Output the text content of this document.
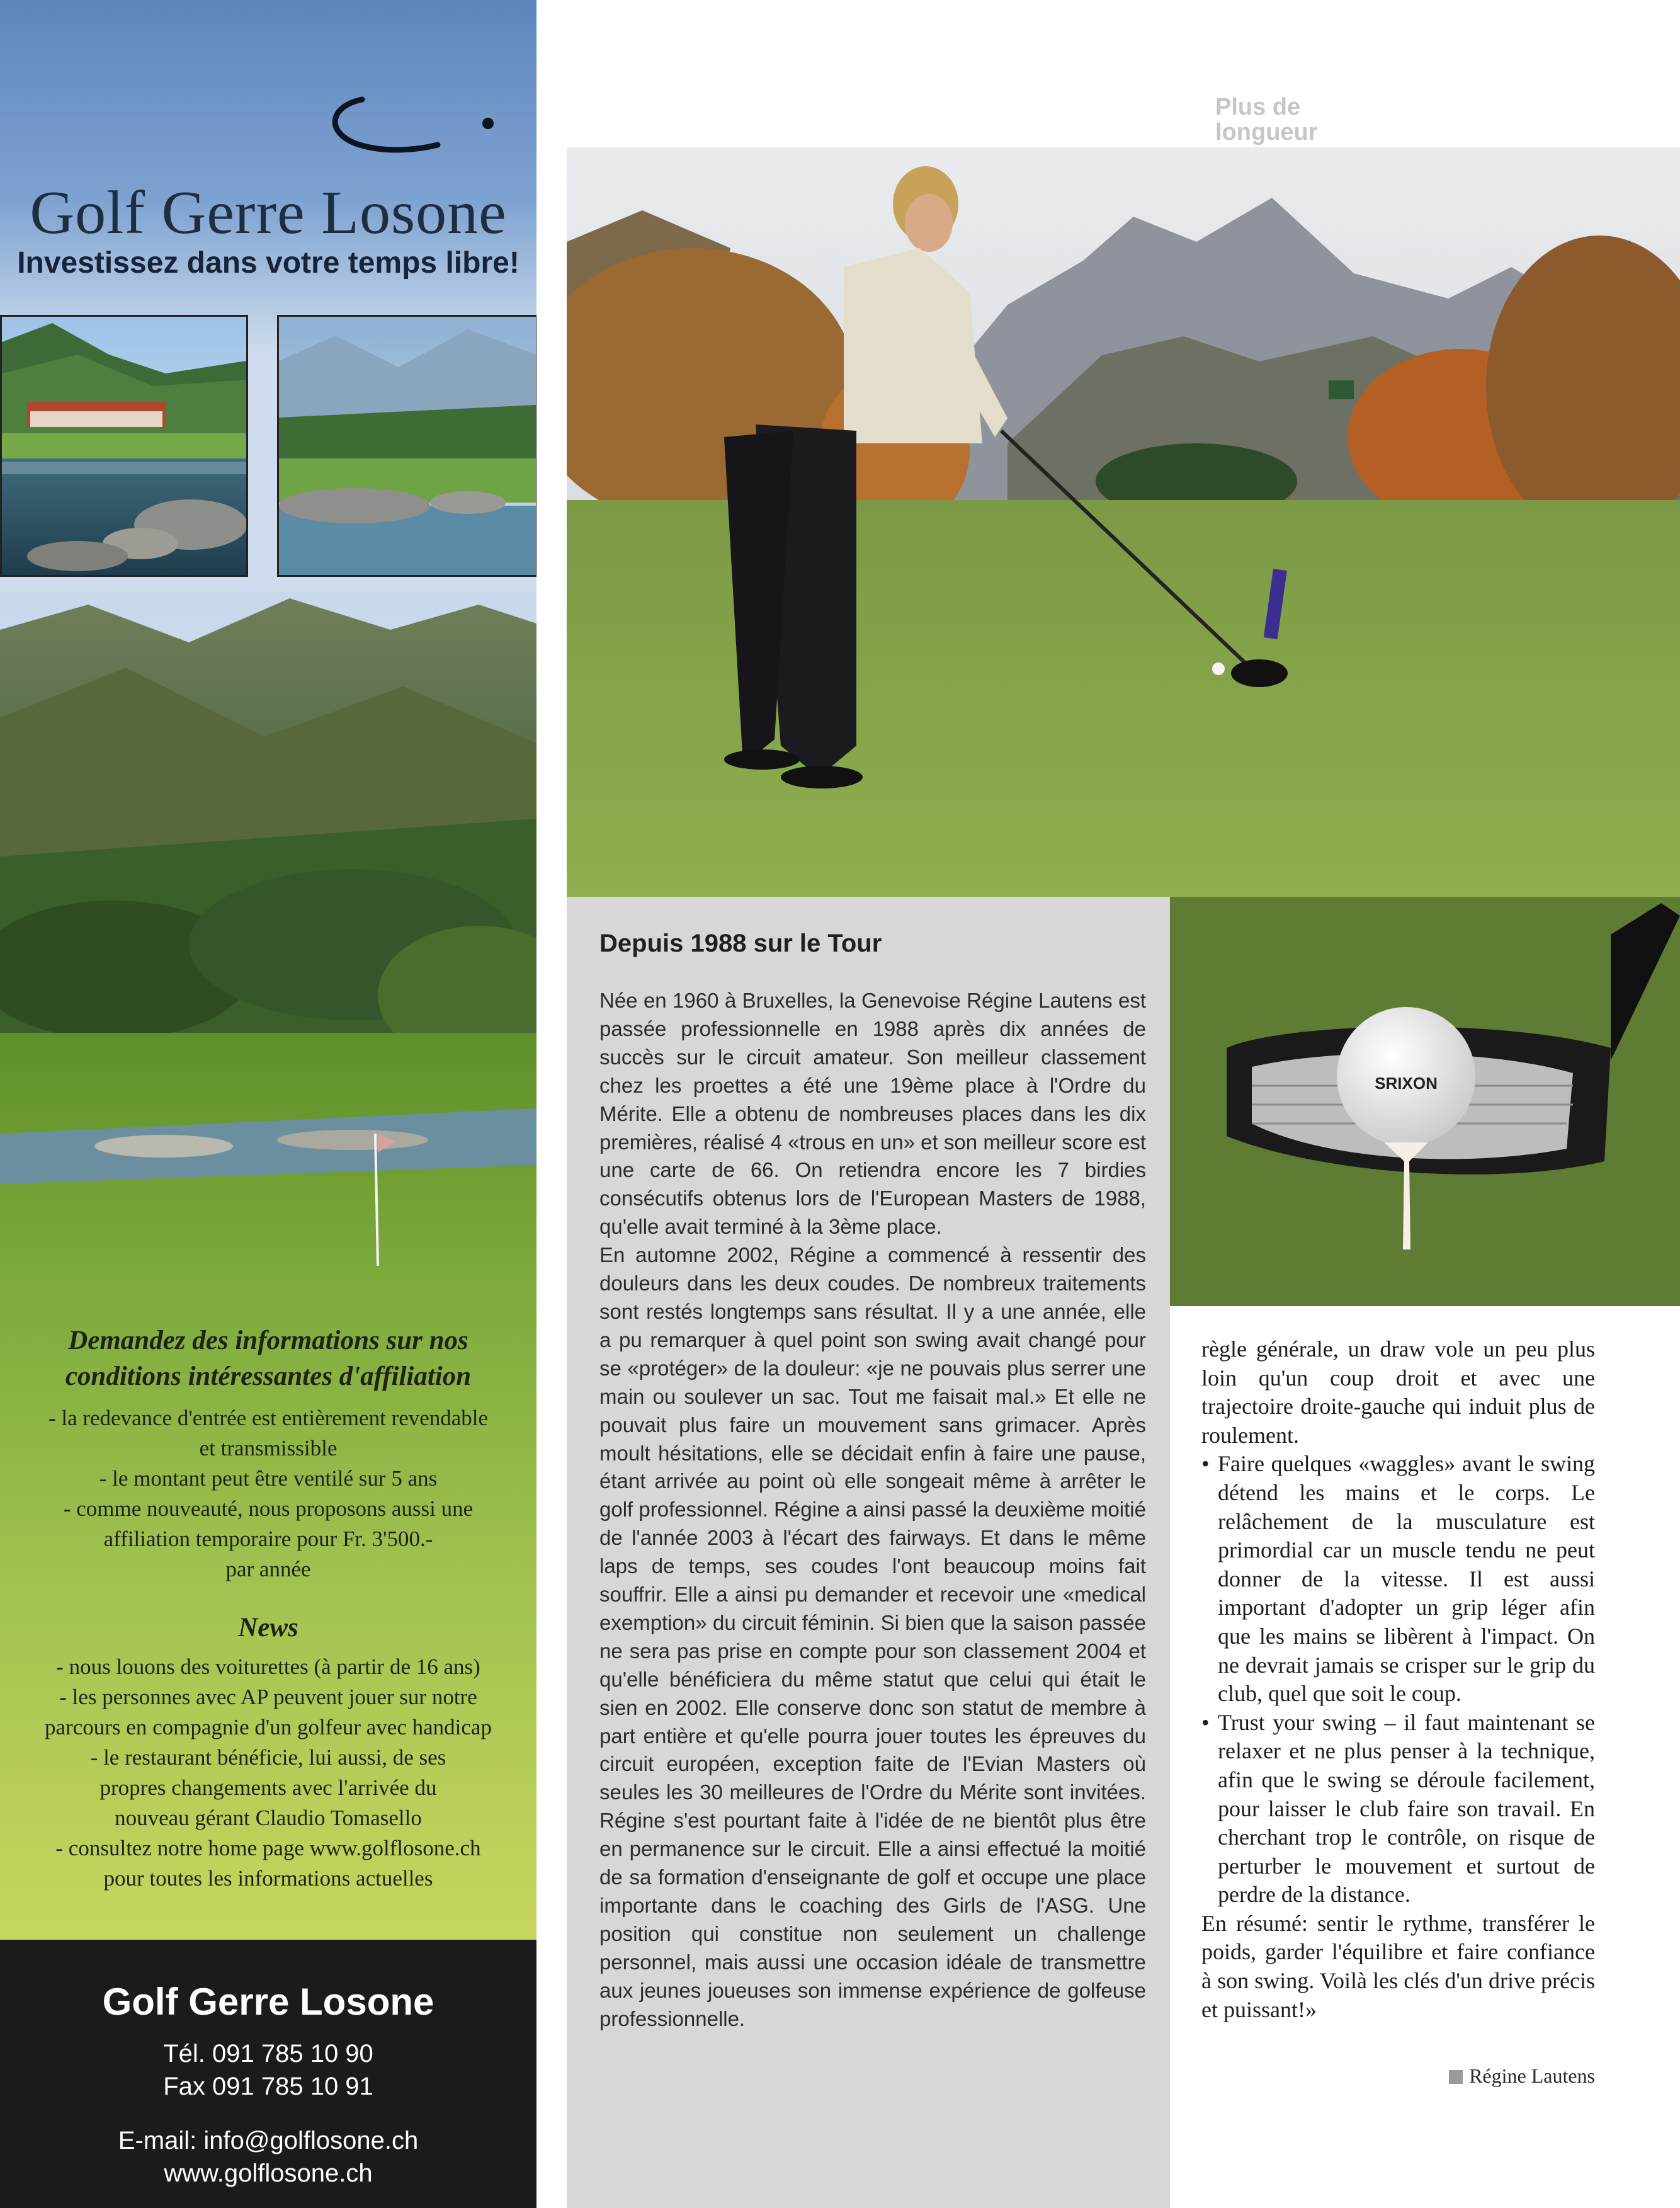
Golf Gerre Losone
Investissez dans votre temps libre!
Demandez des informations sur nos conditions intéressantes d'affiliation
- la redevance d'entrée est entièrement revendable
et transmissible
- le montant peut être ventilé sur 5 ans
- comme nouveauté, nous proposons aussi une
affiliation temporaire pour Fr. 3'500.-
par année
News
- nous louons des voiturettes (à partir de 16 ans)
- les personnes avec AP peuvent jouer sur notre
parcours en compagnie d'un golfeur avec handicap
- le restaurant bénéficie, lui aussi, de ses
propres changements avec l'arrivée du
nouveau gérant Claudio Tomasello
- consultez notre home page www.golflosone.ch
pour toutes les informations actuelles
Golf Gerre Losone
Tél. 091 785 10 90
Fax 091 785 10 91
E-mail: info@golflosone.ch
www.golflosone.ch
Plus de longueur
SRIXON
Depuis 1988 sur le Tour

Née en 1960 à Bruxelles, la Genevoise Régine Lautens est passée professionnelle en 1988 après dix années de succès sur le circuit amateur. Son meilleur classement chez les proettes a été une 19ème place à l'Ordre du Mérite. Elle a obtenu de nombreuses places dans les dix premières, réalisé 4 «trous en un» et son meilleur score est une carte de 66. On retiendra encore les 7 birdies consécutifs obtenus lors de l'European Masters de 1988, qu'elle avait terminé à la 3ème place.

En automne 2002, Régine a commencé à ressentir des douleurs dans les deux coudes. De nombreux traitements sont restés longtemps sans résultat. Il y a une année, elle a pu remarquer à quel point son swing avait changé pour se «protéger» de la douleur: «je ne pouvais plus serrer une main ou soulever un sac. Tout me faisait mal.» Et elle ne pouvait plus faire un mouvement sans grimacer. Après moult hésitations, elle se décidait enfin à faire une pause, étant arrivée au point où elle songeait même à arrêter le golf professionnel. Régine a ainsi passé la deuxième moitié de l'année 2003 à l'écart des fairways. Et dans le même laps de temps, ses coudes l'ont beaucoup moins fait souffrir. Elle a ainsi pu demander et recevoir une «medical exemption» du circuit féminin. Si bien que la saison passée ne sera pas prise en compte pour son classement 2004 et qu'elle bénéficiera du même statut que celui qui était le sien en 2002. Elle conserve donc son statut de membre à part entière et qu'elle pourra jouer toutes les épreuves du circuit européen, exception faite de l'Evian Masters où seules les 30 meilleures de l'Ordre du Mérite sont invitées. Régine s'est pourtant faite à l'idée de ne bientôt plus être en permanence sur le circuit. Elle a ainsi effectué la moitié de sa formation d'enseignante de golf et occupe une place importante dans le coaching des Girls de l'ASG. Une position qui constitue non seulement un challenge personnel, mais aussi une occasion idéale de transmettre aux jeunes joueuses son immense expérience de golfeuse professionnelle.

règle générale, un draw vole un peu plus loin qu'un coup droit et avec une trajectoire droite-gauche qui induit plus de roulement.

• Faire quelques «waggles» avant le swing détend les mains et le corps. Le relâchement de la musculature est primordial car un muscle tendu ne peut donner de la vitesse. Il est aussi important d'adopter un grip léger afin que les mains se libèrent à l'impact. On ne devrait jamais se crisper sur le grip du club, quel que soit le coup.
• Trust your swing – il faut maintenant se relaxer et ne plus penser à la technique, afin que le swing se déroule facilement, pour laisser le club faire son travail. En cherchant trop le contrôle, on risque de perturber le mouvement et surtout de perdre de la distance.

En résumé: sentir le rythme, transférer le poids, garder l'équilibre et faire confiance à son swing. Voilà les clés d'un drive précis et puissant!»

Régine Lautens
